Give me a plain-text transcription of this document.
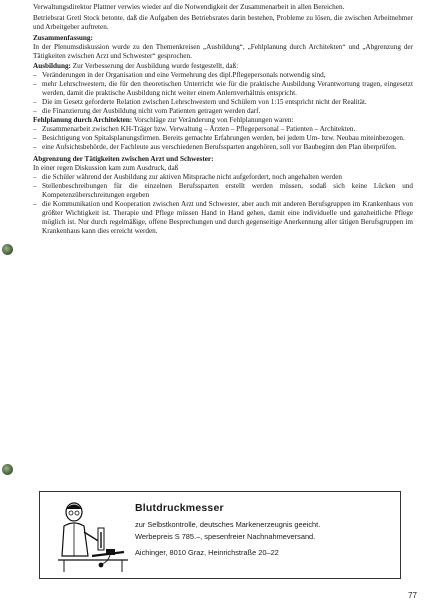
Verwaltungsdirektor Plattner verwies wieder auf die Notwendigkeit der Zusammenarbeit in allen Bereichen.

Betriebsrat Gretl Stock betonte, daß die Aufgaben des Betriebsrates darin bestehen, Probleme zu lösen, die zwischen Arbeitnehmer und Arbeitgeber auftreten.

Zusammenfassung:

In der Plenumsdiskussion wurde zu den Themenkreisen „Ausbildung“, „Fehlplanung durch Architekten“ und „Abgrenzung der Tätigkeiten zwischen Arzt und Schwester“ gesprochen.

Ausbildung: Zur Verbesserung der Ausbildung wurde festgestellt, daß:

– Veränderungen in der Organisation und eine Vermehrung des dipl.Pflegepersonals notwendig sind,
– mehr Lehrschwestern, die für den theoretischen Unterricht wie für die praktische Ausbildung Verantwortung tragen, eingesetzt werden, damit die praktische Ausbildung nicht weiter einem Anlernverhältnis entspricht.
– Die im Gesetz geforderte Relation zwischen Lehrschwestern und Schülern von 1:15 entspricht nicht der Realität.
– die Finanzierung der Ausbildung nicht vom Patienten getragen werden darf.

Fehlplanung durch Architekten: Vorschläge zur Veränderung von Fehlplanungen waren:

– Zusammenarbeit zwischen KH-Träger bzw. Verwaltung – Ärzten – Pflegepersonal – Patienten – Architekten.
– Besichtigung von Spitalsplanungsfirmen. Bereits gemachte Erfahrungen werden, bei jedem Um- bzw. Neubau miteinbezogen.
– eine Aufsichtsbehörde, der Fachleute aus verschiedenen Berufssparten angehören, soll vor Baubeginn den Plan überprüfen.

Abgrenzung der Tätigkeiten zwischen Arzt und Schwester:

In einer regen Diskussion kam zum Ausdruck, daß

– die Schüler während der Ausbildung zur aktiven Mitsprache nicht aufgefordert, noch angehalten werden
– Stellenbeschreibungen für die einzelnen Berufssparten erstellt werden müssen, sodaß sich keine Lücken und Kompetenzüberschreitungen ergeben
– die Kommunikation und Kooperation zwischen Arzt und Schwester, aber auch mit anderen Berufsgruppen im Krankenhaus von größter Wichtigkeit ist. Therapie und Pflege müssen Hand in Hand gehen, damit eine individuelle und ganzheitliche Pflege möglich ist. Nur durch regelmäßige, offene Besprechungen und durch gegenseitige Anerkennung aller tätigen Berufsgruppen im Krankenhaus kann dies erreicht werden.
Blutdruckmesser

zur Selbstkontrolle, deutsches Markenerzeugnis geeicht.

Werbepreis S 785.–, spesenfreier Nachnahmeversand.

Aichinger, 8010 Graz, Heinrichstraße 20–22

77
